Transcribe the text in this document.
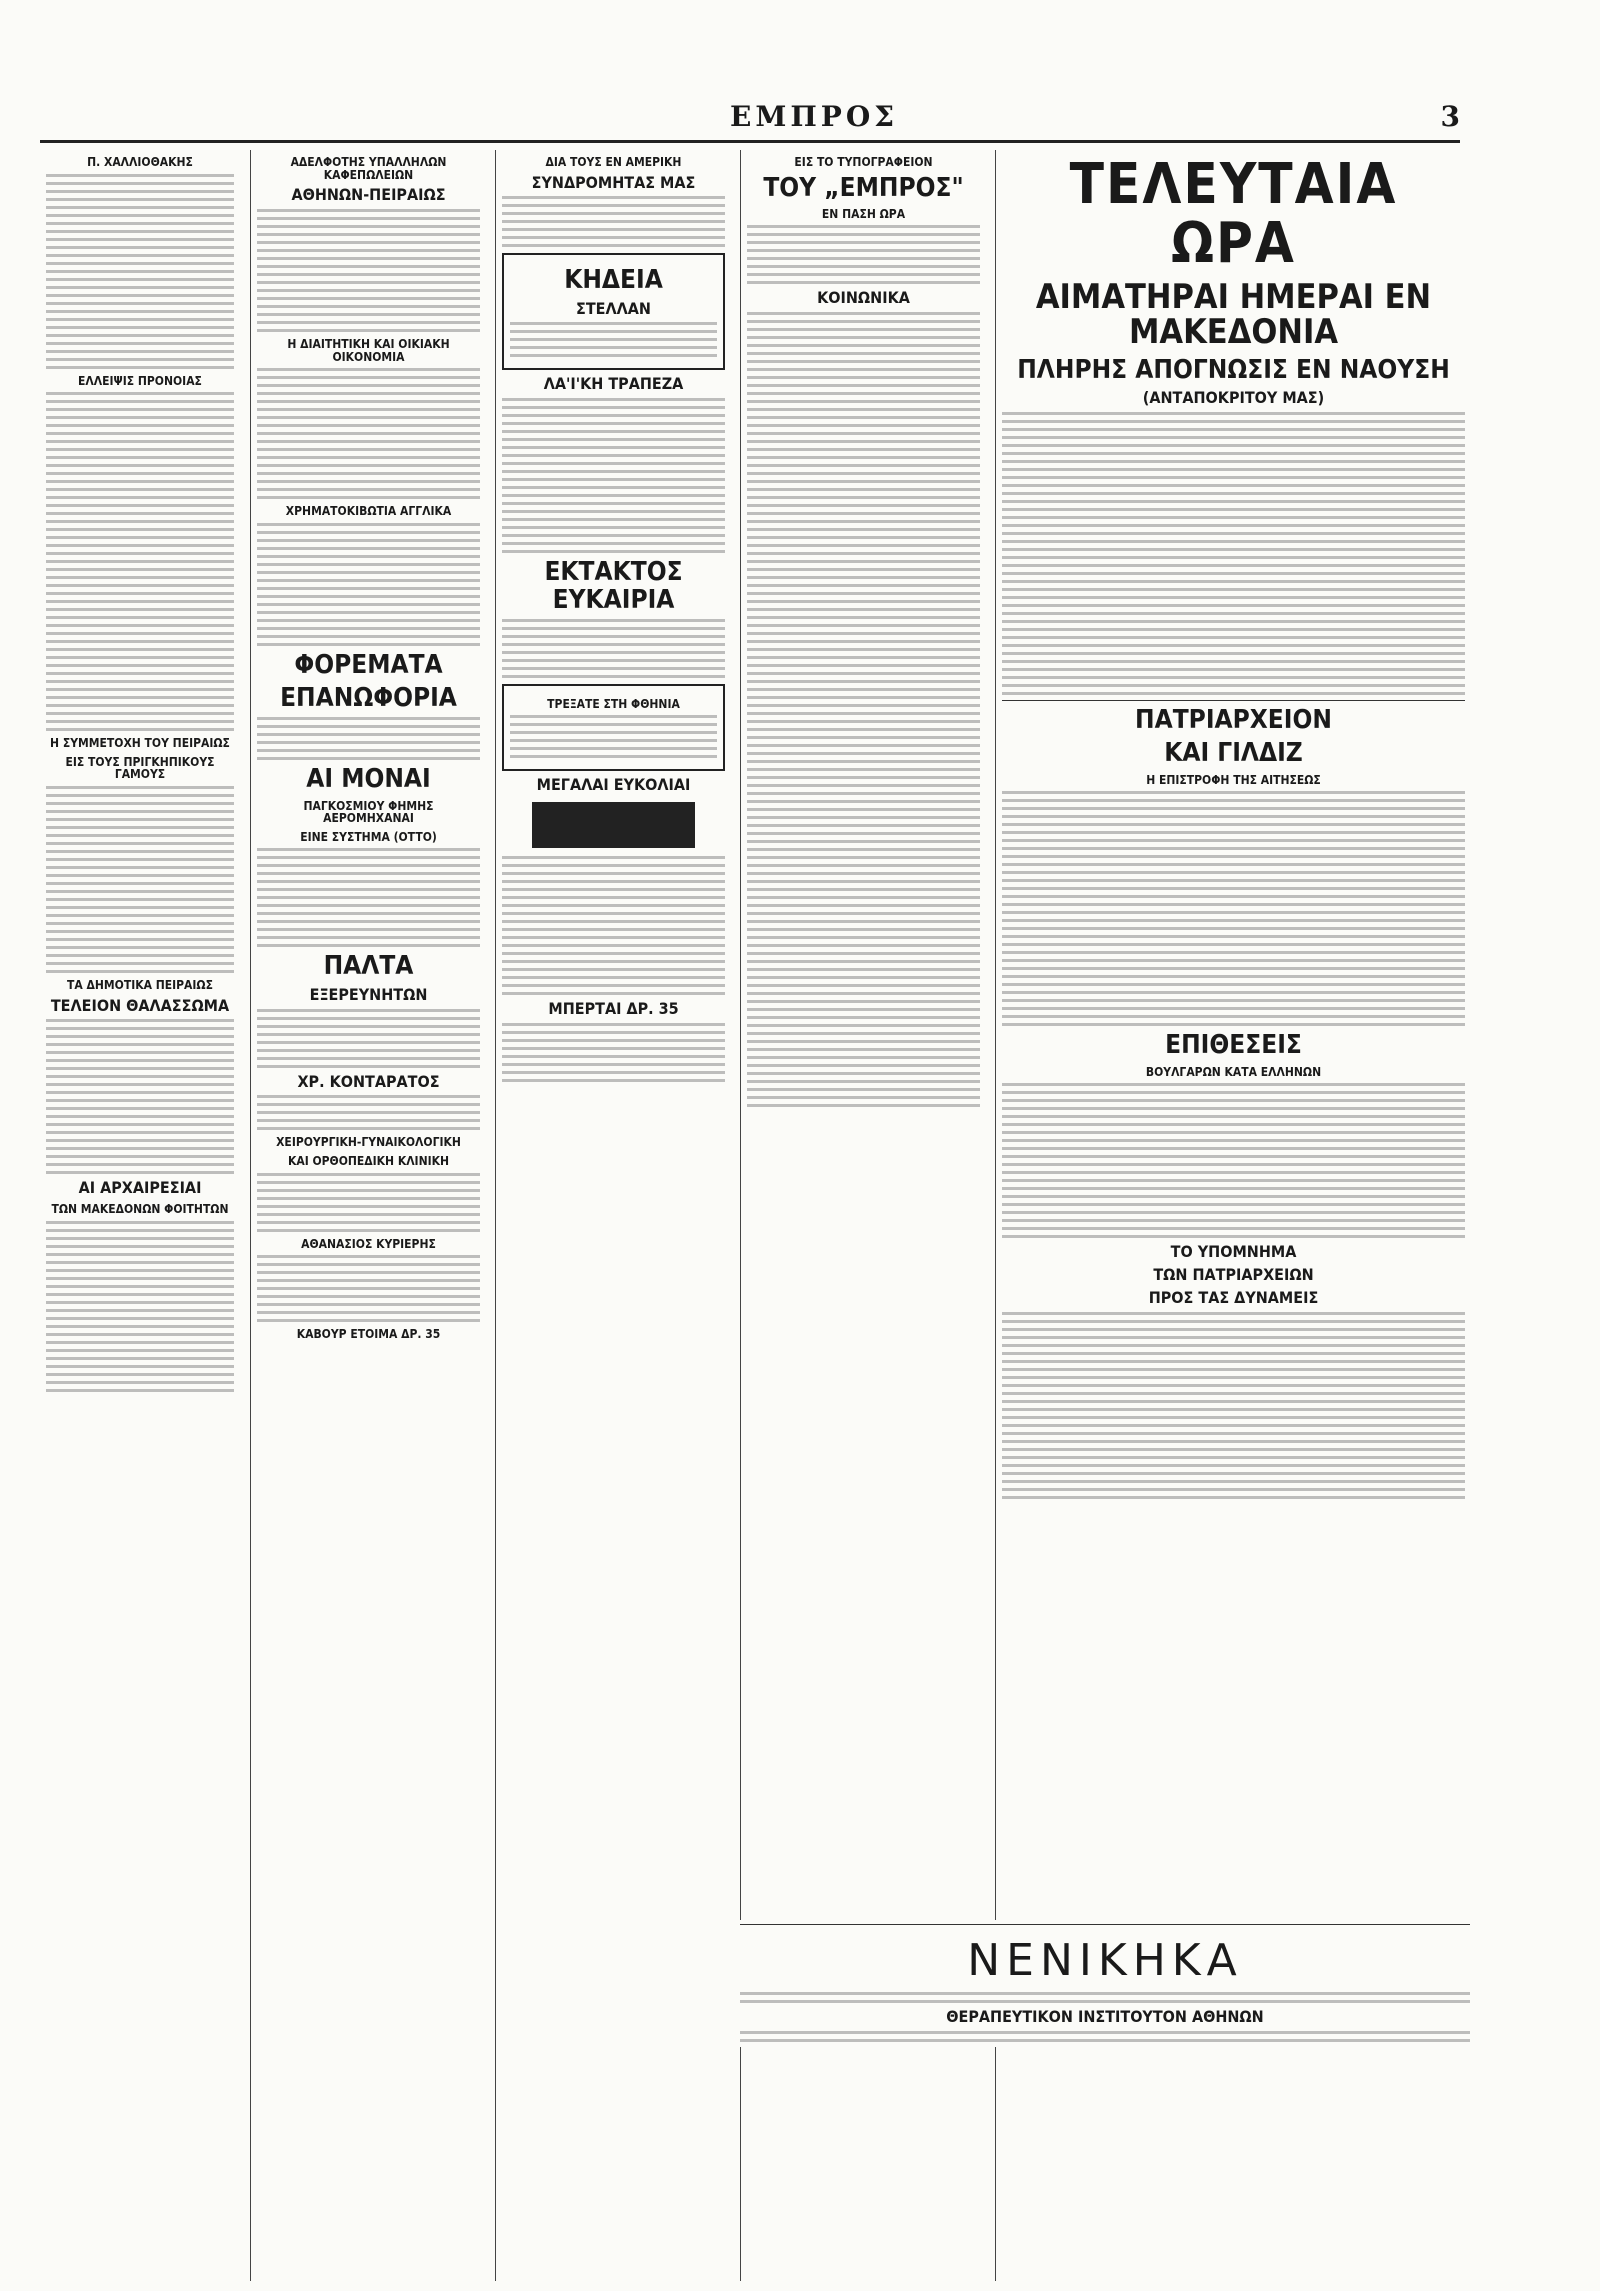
ΕΜΠΡΟΣ	3
Π. ΧΑΛΛΙΟΘΑΚΗΣ
ΕΛΛΕΙΨΙΣ ΠΡΟΝΟΙΑΣ
Η ΣΥΜΜΕΤΟΧΗ ΤΟΥ ΠΕΙΡΑΙΩΣ
ΕΙΣ ΤΟΥΣ ΠΡΙΓΚΗΠΙΚΟΥΣ ΓΑΜΟΥΣ
ΤΑ ΔΗΜΟΤΙΚΑ ΠΕΙΡΑΙΩΣ
ΤΕΛΕΙΟΝ ΘΑΛΑΣΣΩΜΑ
ΑΙ ΑΡΧΑΙΡΕΣΙΑΙ
ΤΩΝ ΜΑΚΕΔΟΝΩΝ ΦΟΙΤΗΤΩΝ
ΑΔΕΛΦΟΤΗΣ ΥΠΑΛΛΗΛΩΝ ΚΑΦΕΠΩΛΕΙΩΝ
ΑΘΗΝΩΝ-ΠΕΙΡΑΙΩΣ
Η ΔΙΑΙΤΗΤΙΚΗ ΚΑΙ ΟΙΚΙΑΚΗ ΟΙΚΟΝΟΜΙΑ
ΧΡΗΜΑΤΟΚΙΒΩΤΙΑ ΑΓΓΛΙΚΑ
ΦΟΡΕΜΑΤΑ
ΕΠΑΝΩΦΟΡΙΑ
ΑΙ ΜΟΝΑΙ
ΠΑΓΚΟΣΜΙΟΥ ΦΗΜΗΣ ΑΕΡΟΜΗΧΑΝΑΙ
ΕΙΝΕ ΣΥΣΤΗΜΑ (OTTO)
ΠΑΛΤΑ
ΕΞΕΡΕΥΝΗΤΩΝ
ΧΡ. ΚΟΝΤΑΡΑΤΟΣ
ΧΕΙΡΟΥΡΓΙΚΗ-ΓΥΝΑΙΚΟΛΟΓΙΚΗ
ΚΑΙ ΟΡΘΟΠΕΔΙΚΗ ΚΛΙΝΙΚΗ
ΑΘΑΝΑΣΙΟΣ ΚΥΡΙΕΡΗΣ
ΚΑΒΟΥΡ ΕΤΟΙΜΑ ΔΡ. 35
ΔΙΑ ΤΟΥΣ ΕΝ ΑΜΕΡΙΚΗ
ΣΥΝΔΡΟΜΗΤΑΣ ΜΑΣ
ΚΗΔΕΙΑ
ΣΤΕΛΛΑΝ
ΛΑ'Ι'ΚΗ ΤΡΑΠΕΖΑ
ΕΚΤΑΚΤΟΣ ΕΥΚΑΙΡΙΑ
ΤΡΕΞΑΤΕ ΣΤΗ ΦΘΗΝΙΑ
ΜΕΓΑΛΑΙ ΕΥΚΟΛΙΑΙ
ΜΠΕΡΤΑΙ ΔΡ. 35
ΕΙΣ ΤΟ ΤΥΠΟΓΡΑΦΕΙΟΝ
ΤΟΥ „ΕΜΠΡΟΣ"
ΕΝ ΠΑΣΗ ΩΡΑ
ΚΟΙΝΩΝΙΚΑ
ΤΕΛΕΥΤΑΙΑ ΩΡΑ
ΑΙΜΑΤΗΡΑΙ ΗΜΕΡΑΙ ΕΝ ΜΑΚΕΔΟΝΙΑ
ΠΛΗΡΗΣ ΑΠΟΓΝΩΣΙΣ ΕΝ ΝΑΟΥΣΗ
(ΑΝΤΑΠΟΚΡΙΤΟΥ ΜΑΣ)
ΠΑΤΡΙΑΡΧΕΙΟΝ
ΚΑΙ ΓΙΛΔΙΖ
Η ΕΠΙΣΤΡΟΦΗ ΤΗΣ ΑΙΤΗΣΕΩΣ
ΕΠΙΘΕΣΕΙΣ
ΒΟΥΛΓΑΡΩΝ ΚΑΤΑ ΕΛΛΗΝΩΝ
ΤΟ ΥΠΟΜΝΗΜΑ
ΤΩΝ ΠΑΤΡΙΑΡΧΕΙΩΝ
ΠΡΟΣ ΤΑΣ ΔΥΝΑΜΕΙΣ
ΝΕΝΙΚΗΚΑ
ΘΕΡΑΠΕΥΤΙΚΟΝ ΙΝΣΤΙΤΟΥΤΟΝ ΑΘΗΝΩΝ
